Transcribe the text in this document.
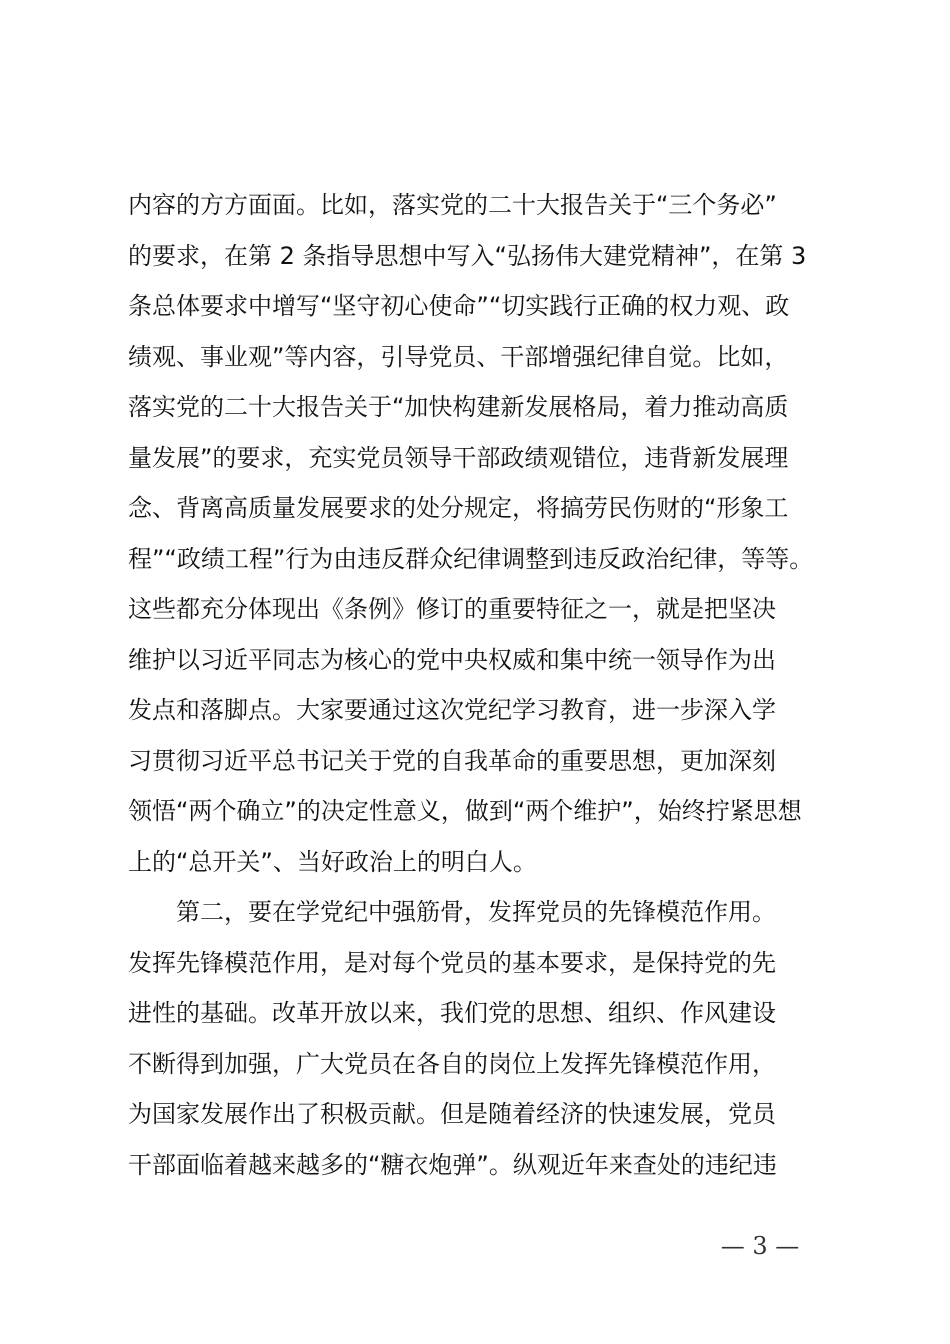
内容的方方面面。比如，落实党的二十大报告关于“三个务必”
的要求，在第 2 条指导思想中写入“弘扬伟大建党精神”，在第 3
条总体要求中增写“坚守初心使命”“切实践行正确的权力观、政
绩观、事业观”等内容，引导党员、干部增强纪律自觉。比如，
落实党的二十大报告关于“加快构建新发展格局，着力推动高质
量发展”的要求，充实党员领导干部政绩观错位，违背新发展理
念、背离高质量发展要求的处分规定，将搞劳民伤财的“形象工
程”“政绩工程”行为由违反群众纪律调整到违反政治纪律，等等。
这些都充分体现出《条例》修订的重要特征之一，就是把坚决
维护以习近平同志为核心的党中央权威和集中统一领导作为出
发点和落脚点。大家要通过这次党纪学习教育，进一步深入学
习贯彻习近平总书记关于党的自我革命的重要思想，更加深刻
领悟“两个确立”的决定性意义，做到“两个维护”，始终拧紧思想
上的“总开关”、当好政治上的明白人。
　　第二，要在学党纪中强筋骨，发挥党员的先锋模范作用。
发挥先锋模范作用，是对每个党员的基本要求，是保持党的先
进性的基础。改革开放以来，我们党的思想、组织、作风建设
不断得到加强，广大党员在各自的岗位上发挥先锋模范作用，
为国家发展作出了积极贡献。但是随着经济的快速发展，党员
干部面临着越来越多的“糖衣炮弹”。纵观近年来查处的违纪违
— 3 —
